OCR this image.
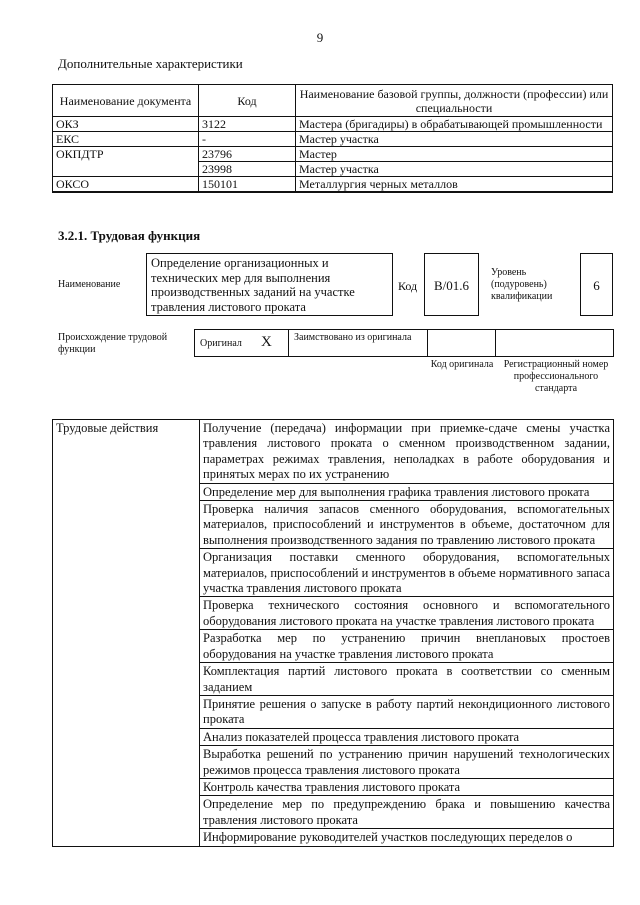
9
Дополнительные характеристики
Наименование документа	Код	Наименование базовой группы, должности (профессии) или специальности
ОКЗ	3122	Мастера (бригадиры) в обрабатывающей промышленности
ЕКС	-	Мастер участка
ОКПДТР	23796	Мастер
	23998	Мастер участка
ОКСО	150101	Металлургия черных металлов
3.2.1. Трудовая функция
Наименование
Определение организационных и технических мер для выполнения производственных заданий на участке травления листового проката
Код	В/01.6
Уровень (подуровень) квалификации
6
Происхождение трудовой функции
Оригинал X Заимствовано из оригинала
Код оригинала	Регистрационный номер профессионального стандарта
Трудовые действия	Получение (передача) информации при приемке-сдаче смены участка травления листового проката о сменном производственном задании, параметрах режимах травления, неполадках в работе оборудования и принятых мерах по их устранению
Определение мер для выполнения графика травления листового проката
Проверка наличия запасов сменного оборудования, вспомогательных материалов, приспособлений и инструментов в объеме, достаточном для выполнения производственного задания по травлению листового проката
Организация поставки сменного оборудования, вспомогательных материалов, приспособлений и инструментов в объеме нормативного запаса участка травления листового проката
Проверка технического состояния основного и вспомогательного оборудования листового проката на участке травления листового проката
Разработка мер по устранению причин внеплановых простоев оборудования на участке травления листового проката
Комплектация партий листового проката в соответствии со сменным заданием
Принятие решения о запуске в работу партий некондиционного листового проката
Анализ показателей процесса травления листового проката
Выработка решений по устранению причин нарушений технологических режимов процесса травления листового проката
Контроль качества травления листового проката
Определение мер по предупреждению брака и повышению качества травления листового проката
Информирование руководителей участков последующих переделов о
